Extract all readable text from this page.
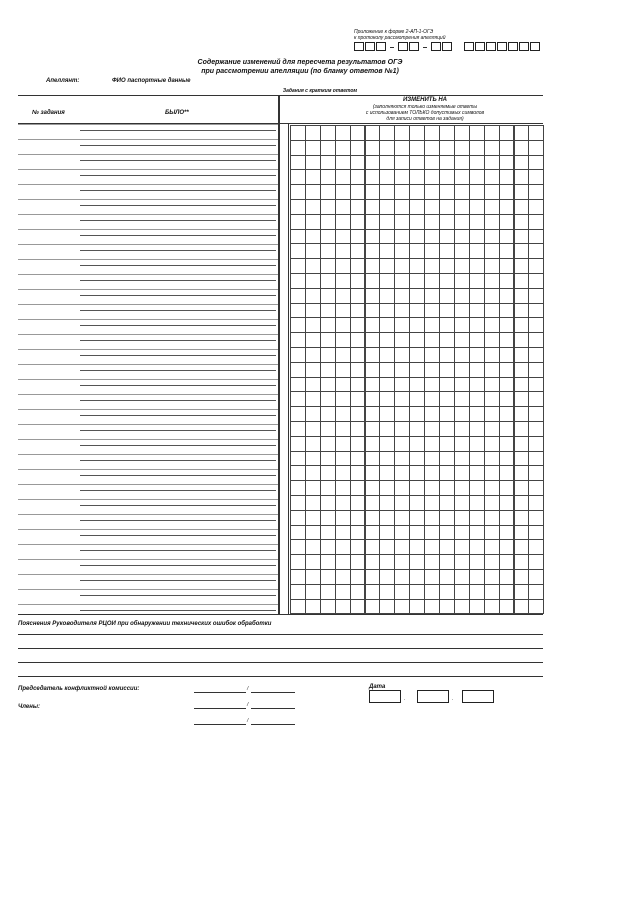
Приложение к форме 2-АП-1-ОГЭ
к протоколу рассмотрения апелляций
Содержание изменений для пересчета результатов ОГЭ
при рассмотрении апелляции (по бланку ответов №1)
Апеллянт:	ФИО паспортные данные
Задания с кратким ответом
№ задания	БЫЛО**
ИЗМЕНИТЬ НА
(заполняются только изменяемые ответы
с использованием ТОЛЬКО допустимых символов
для записи ответов на задания)
Пояснения Руководителя РЦОИ при обнаружении технических ошибок обработки
Председатель конфликтной комиссии:	/	Дата
.	.
Члены:	/
/
